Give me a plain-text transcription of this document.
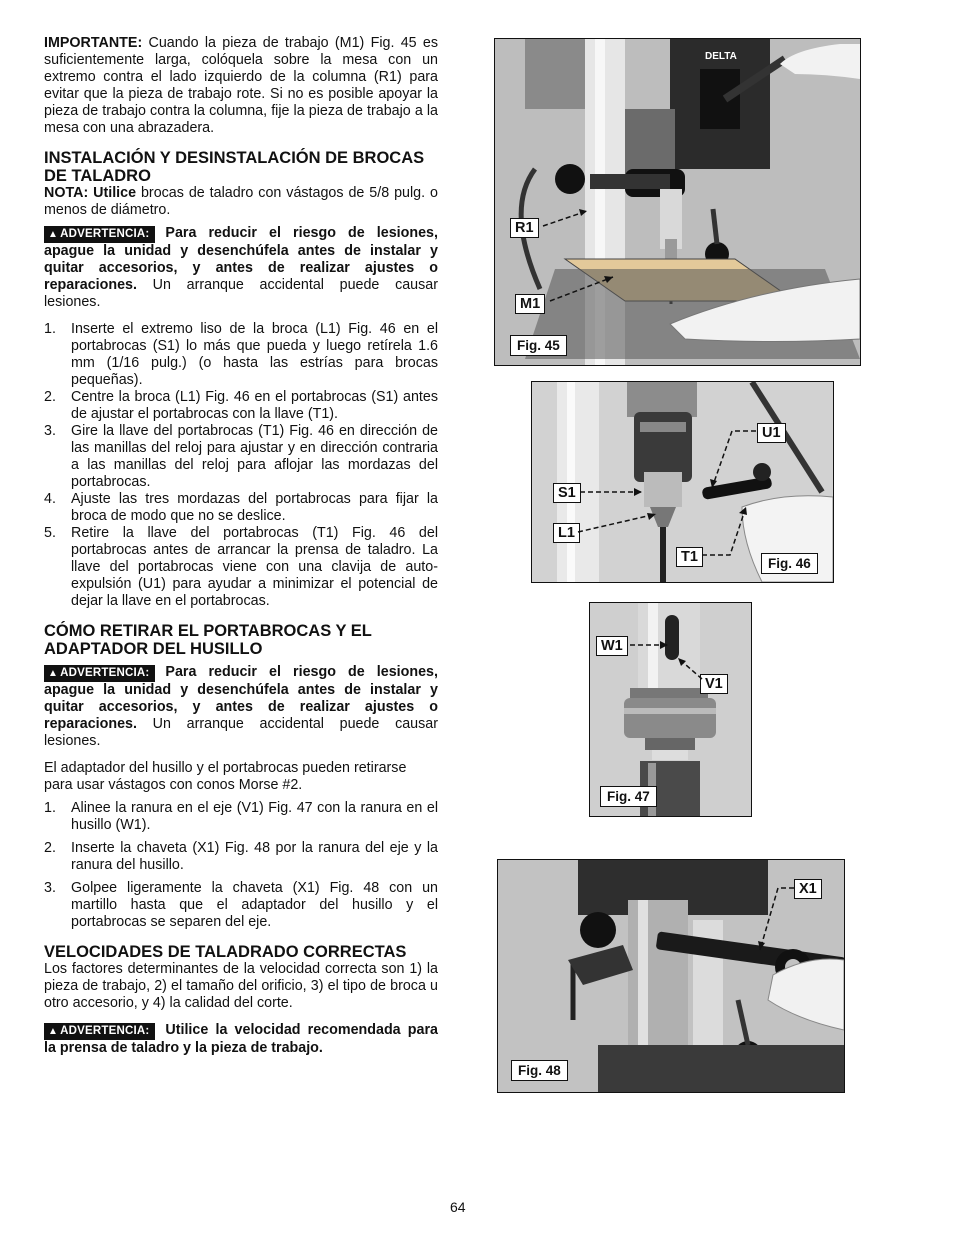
IMPORTANTE: Cuando la pieza de trabajo (M1) Fig. 45 es suficientemente larga, colóquela sobre la mesa con un extremo contra el lado izquierdo de la columna (R1) para evitar que la pieza de trabajo rote. Si no es posible apoyar la pieza de trabajo contra la columna, fije la pieza de trabajo a la mesa con una abrazadera.

INSTALACIÓN Y DESINSTALACIÓN DE BROCAS DE TALADRO

NOTA: Utilice brocas de taladro con vástagos de 5/8 pulg. o menos de diámetro.

▲ ADVERTENCIA: Para reducir el riesgo de lesiones, apague la unidad y desenchúfela antes de instalar y quitar accesorios, y antes de realizar ajustes o reparaciones. Un arranque accidental puede causar lesiones.

1. Inserte el extremo liso de la broca (L1) Fig. 46 en el portabrocas (S1) lo más que pueda y luego retírela 1.6 mm (1/16 pulg.) (o hasta las estrías para brocas pequeñas).
2. Centre la broca (L1) Fig. 46 en el portabrocas (S1) antes de ajustar el portabrocas con la llave (T1).
3. Gire la llave del portabrocas (T1) Fig. 46 en dirección de las manillas del reloj para ajustar y en dirección contraria a las manillas del reloj para aflojar las mordazas del portabrocas.
4. Ajuste las tres mordazas del portabrocas para fijar la broca de modo que no se deslice.
5. Retire la llave del portabrocas (T1) Fig. 46 del portabrocas antes de arrancar la prensa de taladro. La llave del portabrocas viene con una clavija de auto-expulsión (U1) para ayudar a minimizar el potencial de dejar la llave en el portabrocas.
CÓMO RETIRAR EL PORTABROCAS Y EL ADAPTADOR DEL HUSILLO

▲ ADVERTENCIA: Para reducir el riesgo de lesiones, apague la unidad y desenchúfela antes de instalar y quitar accesorios, y antes de realizar ajustes o reparaciones. Un arranque accidental puede causar lesiones.

El adaptador del husillo y el portabrocas pueden retirarse para usar vástagos con conos Morse #2.

1. Alinee la ranura en el eje (V1) Fig. 47 con la ranura en el husillo (W1).
2. Inserte la chaveta (X1) Fig. 48 por la ranura del eje y la ranura del husillo.
3. Golpee ligeramente la chaveta (X1) Fig. 48 con un martillo hasta que el adaptador del husillo y el portabrocas se separen del eje.
VELOCIDADES DE TALADRADO CORRECTAS

Los factores determinantes de la velocidad correcta son 1) la pieza de trabajo, 2) el tamaño del orificio, 3) el tipo de broca u otro accesorio, y 4) la calidad del corte.

▲ ADVERTENCIA: Utilice la velocidad recomendada para la prensa de taladro y la pieza de trabajo.

DELTA
R1
M1
Fig. 45
U1
S1
L1
T1	Fig. 46
W1
V1
Fig. 47
X1
Fig. 48
64
